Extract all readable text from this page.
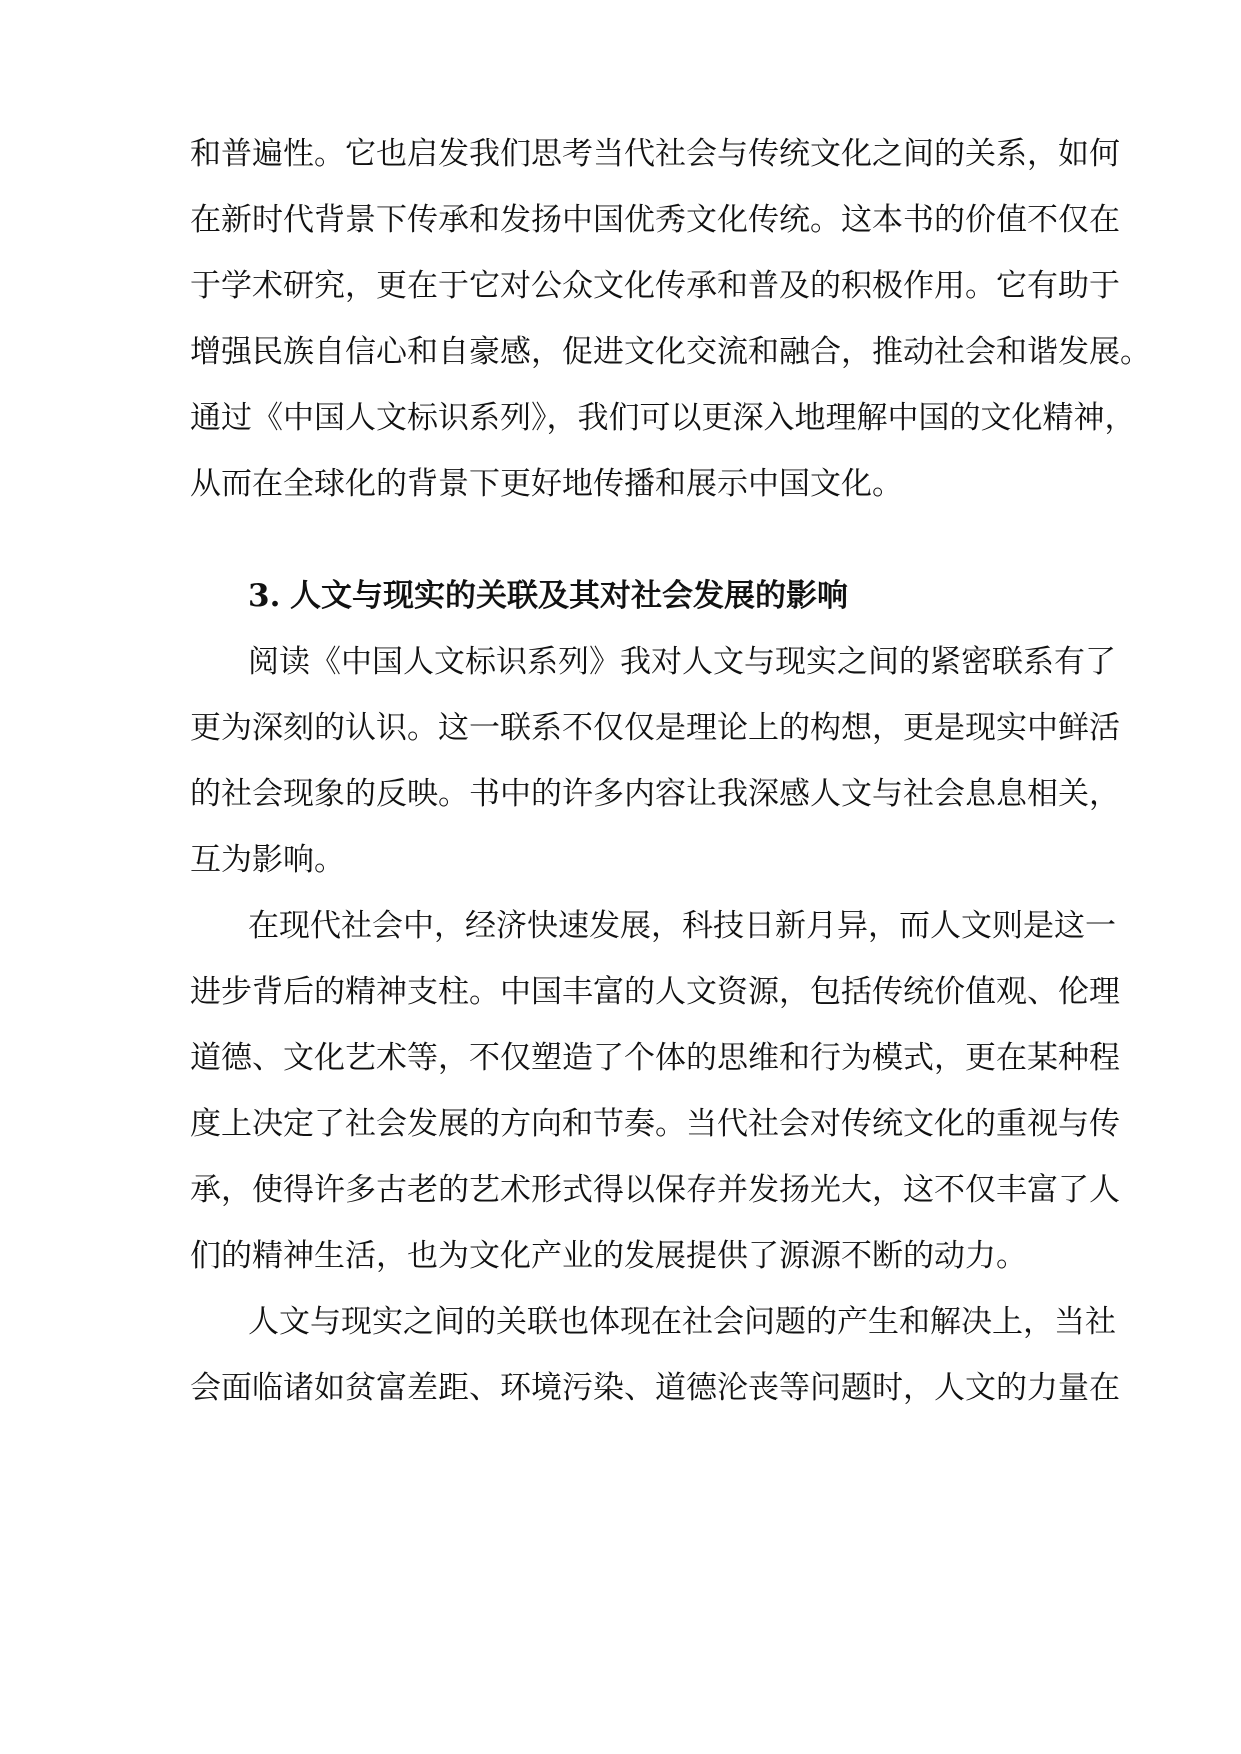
和普遍性。它也启发我们思考当代社会与传统文化之间的关系，如何
在新时代背景下传承和发扬中国优秀文化传统。这本书的价值不仅在
于学术研究，更在于它对公众文化传承和普及的积极作用。它有助于
增强民族自信心和自豪感，促进文化交流和融合，推动社会和谐发展。
通过《中国人文标识系列》，我们可以更深入地理解中国的文化精神，
从而在全球化的背景下更好地传播和展示中国文化。
3. 人文与现实的关联及其对社会发展的影响
阅读《中国人文标识系列》我对人文与现实之间的紧密联系有了
更为深刻的认识。这一联系不仅仅是理论上的构想，更是现实中鲜活
的社会现象的反映。书中的许多内容让我深感人文与社会息息相关，
互为影响。
在现代社会中，经济快速发展，科技日新月异，而人文则是这一
进步背后的精神支柱。中国丰富的人文资源，包括传统价值观、伦理
道德、文化艺术等，不仅塑造了个体的思维和行为模式，更在某种程
度上决定了社会发展的方向和节奏。当代社会对传统文化的重视与传
承，使得许多古老的艺术形式得以保存并发扬光大，这不仅丰富了人
们的精神生活，也为文化产业的发展提供了源源不断的动力。
人文与现实之间的关联也体现在社会问题的产生和解决上，当社
会面临诸如贫富差距、环境污染、道德沦丧等问题时，人文的力量在
